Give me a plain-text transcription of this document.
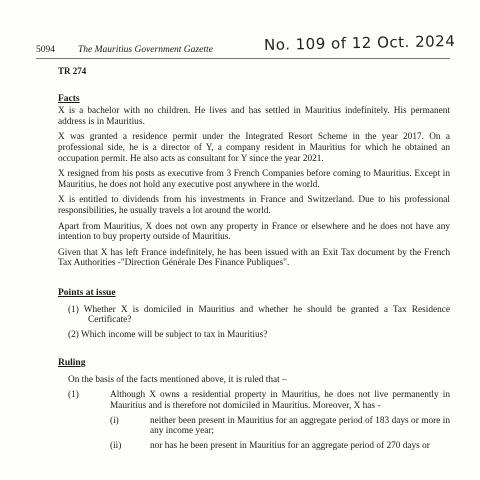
5094 The Mauritius Government Gazette	No. 109 of 12 Oct. 2024
TR 274
Facts

X is a bachelor with no children. He lives and has settled in Mauritius indefinitely. His permanent address is in Mauritius.

X was granted a residence permit under the Integrated Resort Scheme in the year 2017. On a professional side, he is a director of Y, a company resident in Mauritius for which he obtained an occupation permit. He also acts as consultant for Y since the year 2021.

X resigned from his posts as executive from 3 French Companies before coming to Mauritius. Except in Mauritius, he does not hold any executive post anywhere in the world.

X is entitled to dividends from his investments in France and Switzerland. Due to his professional responsibilities, he usually travels a lot around the world.

Apart from Mauritius, X does not own any property in France or elsewhere and he does not have any intention to buy property outside of Mauritius.

Given that X has left France indefinitely, he has been issued with an Exit Tax document by the French Tax Authorities -"Direction Générale Des Finance Publiques".

Points at issue

(1) Whether X is domiciled in Mauritius and whether he should be granted a Tax Residence Certificate?

(2) Which income will be subject to tax in Mauritius?

Ruling

On the basis of the facts mentioned above, it is ruled that –

(1)	Although X owns a residential property in Mauritius, he does not live permanently in Mauritius and is therefore not domiciled in Mauritius. Moreover, X has -
(i)	neither been present in Mauritius for an aggregate period of 183 days or more in any income year;
(ii)	nor has he been present in Mauritius for an aggregate period of 270 days or
